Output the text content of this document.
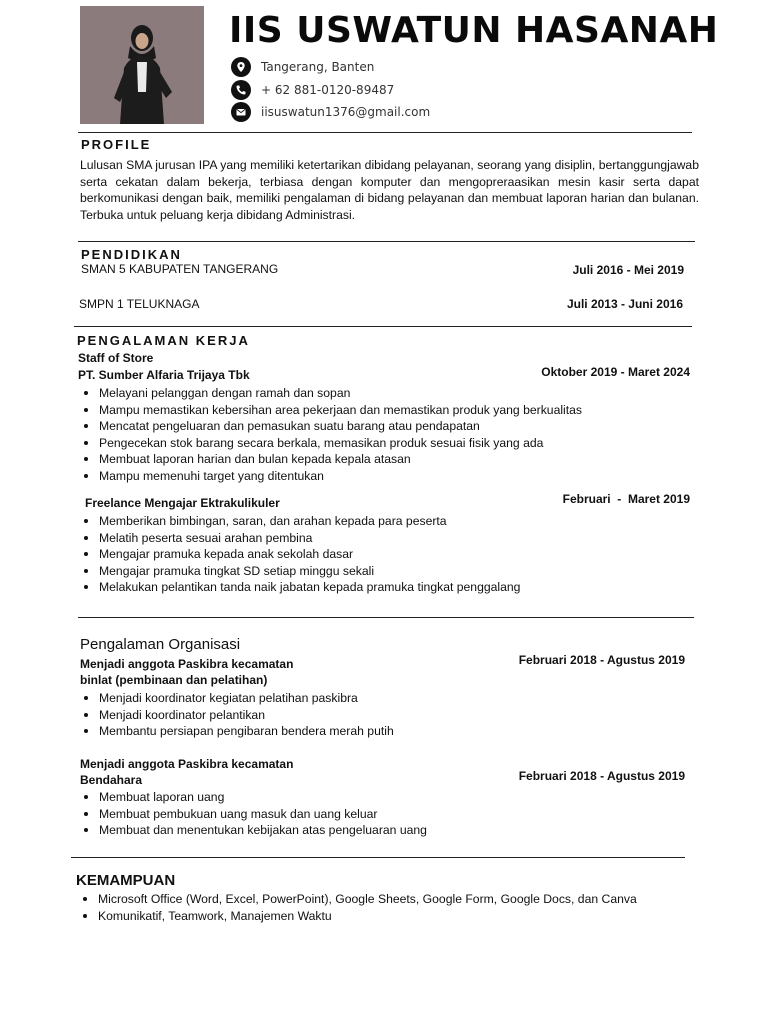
IIS USWATUN HASANAH
Tangerang, Banten
+ 62 881-0120-89487
iisuswatun1376@gmail.com
PROFILE
Lulusan SMA jurusan IPA yang memiliki ketertarikan dibidang pelayanan, seorang yang disiplin, bertanggungjawab serta cekatan dalam bekerja, terbiasa dengan komputer dan mengopreraasikan mesin kasir serta dapat berkomunikasi dengan baik, memiliki pengalaman di bidang pelayanan dan membuat laporan harian dan bulanan. Terbuka untuk peluang kerja dibidang Administrasi.
PENDIDIKAN
SMAN 5 KABUPATEN TANGERANG	Juli 2016 - Mei 2019
SMPN 1 TELUKNAGA	Juli 2013 - Juni 2016
PENGALAMAN KERJA
Staff of Store
PT. Sumber Alfaria Trijaya Tbk	Oktober 2019 - Maret 2024
Melayani pelanggan dengan ramah dan sopan
Mampu memastikan kebersihan area pekerjaan dan memastikan produk yang berkualitas
Mencatat pengeluaran dan pemasukan suatu barang atau pendapatan
Pengecekan stok barang secara berkala, memasikan produk sesuai fisik yang ada
Membuat laporan harian dan bulan kepada kepala atasan
Mampu memenuhi target yang ditentukan
Freelance Mengajar Ektrakulikuler	Februari  -  Maret 2019
Memberikan bimbingan, saran, dan arahan kepada para peserta
Melatih peserta sesuai arahan pembina
Mengajar pramuka kepada anak sekolah dasar
Mengajar pramuka tingkat SD setiap minggu sekali
Melakukan pelantikan tanda naik jabatan kepada pramuka tingkat penggalang
Pengalaman Organisasi
Menjadi anggota Paskibra kecamatan
binlat (pembinaan dan pelatihan)
Februari 2018 - Agustus 2019
Menjadi koordinator kegiatan pelatihan paskibra
Menjadi koordinator pelantikan
Membantu persiapan pengibaran bendera merah putih
Menjadi anggota Paskibra kecamatan
Bendahara	Februari 2018 - Agustus 2019
Membuat laporan uang
Membuat pembukuan uang masuk dan uang keluar
Membuat dan menentukan kebijakan atas pengeluaran uang
KEMAMPUAN
Microsoft Office (Word, Excel, PowerPoint), Google Sheets, Google Form, Google Docs, dan Canva
Komunikatif, Teamwork, Manajemen Waktu
